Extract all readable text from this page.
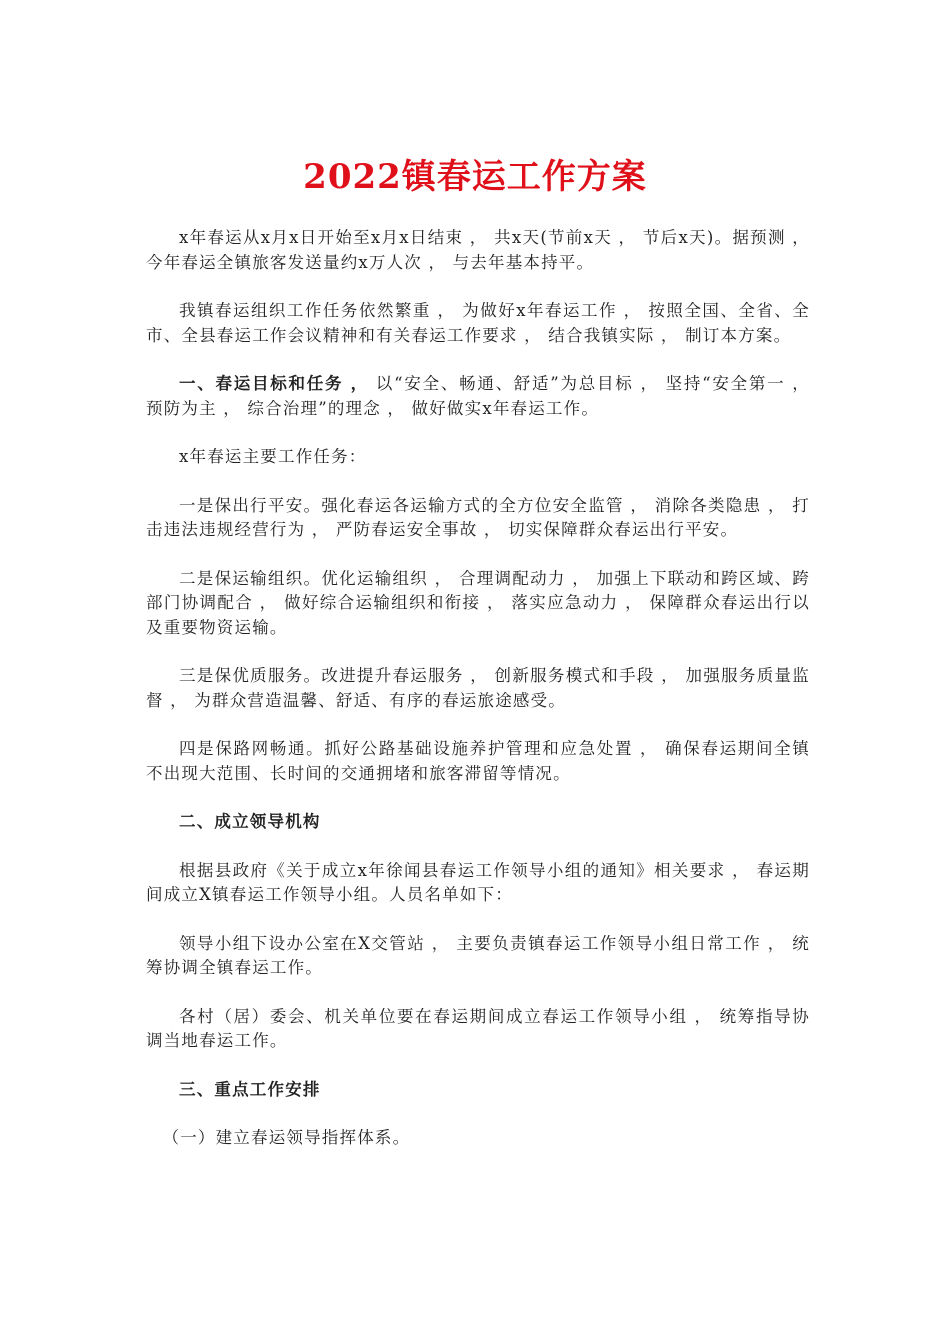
2022镇春运工作方案

x年春运从x月x日开始至x月x日结束 ， 共x天(节前x天 ， 节后x天)。据预测 ， 今年春运全镇旅客发送量约x万人次 ， 与去年基本持平。

我镇春运组织工作任务依然繁重 ， 为做好x年春运工作 ， 按照全国、全省、全市、全县春运工作会议精神和有关春运工作要求 ， 结合我镇实际 ， 制订本方案。

一、春运目标和任务 ， 以“安全、畅通、舒适”为总目标 ， 坚持“安全第一 ， 预防为主 ， 综合治理”的理念 ， 做好做实x年春运工作。

x年春运主要工作任务：

一是保出行平安。强化春运各运输方式的全方位安全监管 ， 消除各类隐患 ， 打击违法违规经营行为 ， 严防春运安全事故 ， 切实保障群众春运出行平安。

二是保运输组织。优化运输组织 ， 合理调配动力 ， 加强上下联动和跨区域、跨部门协调配合 ， 做好综合运输组织和衔接 ， 落实应急动力 ， 保障群众春运出行以及重要物资运输。

三是保优质服务。改进提升春运服务 ， 创新服务模式和手段 ， 加强服务质量监督 ， 为群众营造温馨、舒适、有序的春运旅途感受。

四是保路网畅通。抓好公路基础设施养护管理和应急处置 ， 确保春运期间全镇不出现大范围、长时间的交通拥堵和旅客滞留等情况。

二、成立领导机构

根据县政府《关于成立x年徐闻县春运工作领导小组的通知》相关要求 ， 春运期间成立X镇春运工作领导小组。人员名单如下：

领导小组下设办公室在X交管站 ， 主要负责镇春运工作领导小组日常工作 ， 统筹协调全镇春运工作。

各村（居）委会、机关单位要在春运期间成立春运工作领导小组 ， 统筹指导协调当地春运工作。

三、重点工作安排

（一）建立春运领导指挥体系。
